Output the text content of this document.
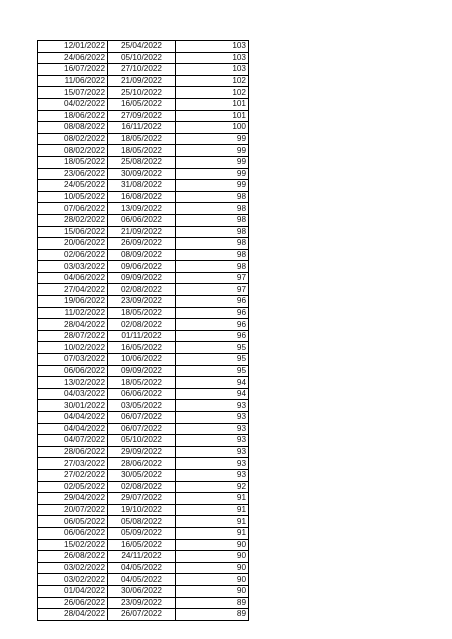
12/01/2022	25/04/2022	103
24/06/2022	05/10/2022	103
16/07/2022	27/10/2022	103
11/06/2022	21/09/2022	102
15/07/2022	25/10/2022	102
04/02/2022	16/05/2022	101
18/06/2022	27/09/2022	101
08/08/2022	16/11/2022	100
08/02/2022	18/05/2022	99
08/02/2022	18/05/2022	99
18/05/2022	25/08/2022	99
23/06/2022	30/09/2022	99
24/05/2022	31/08/2022	99
10/05/2022	16/08/2022	98
07/06/2022	13/09/2022	98
28/02/2022	06/06/2022	98
15/06/2022	21/09/2022	98
20/06/2022	26/09/2022	98
02/06/2022	08/09/2022	98
03/03/2022	09/06/2022	98
04/06/2022	09/09/2022	97
27/04/2022	02/08/2022	97
19/06/2022	23/09/2022	96
11/02/2022	18/05/2022	96
28/04/2022	02/08/2022	96
28/07/2022	01/11/2022	96
10/02/2022	16/05/2022	95
07/03/2022	10/06/2022	95
06/06/2022	09/09/2022	95
13/02/2022	18/05/2022	94
04/03/2022	06/06/2022	94
30/01/2022	03/05/2022	93
04/04/2022	06/07/2022	93
04/04/2022	06/07/2022	93
04/07/2022	05/10/2022	93
28/06/2022	29/09/2022	93
27/03/2022	28/06/2022	93
27/02/2022	30/05/2022	93
02/05/2022	02/08/2022	92
29/04/2022	29/07/2022	91
20/07/2022	19/10/2022	91
06/05/2022	05/08/2022	91
06/06/2022	05/09/2022	91
15/02/2022	16/05/2022	90
26/08/2022	24/11/2022	90
03/02/2022	04/05/2022	90
03/02/2022	04/05/2022	90
01/04/2022	30/06/2022	90
26/06/2022	23/09/2022	89
28/04/2022	26/07/2022	89
